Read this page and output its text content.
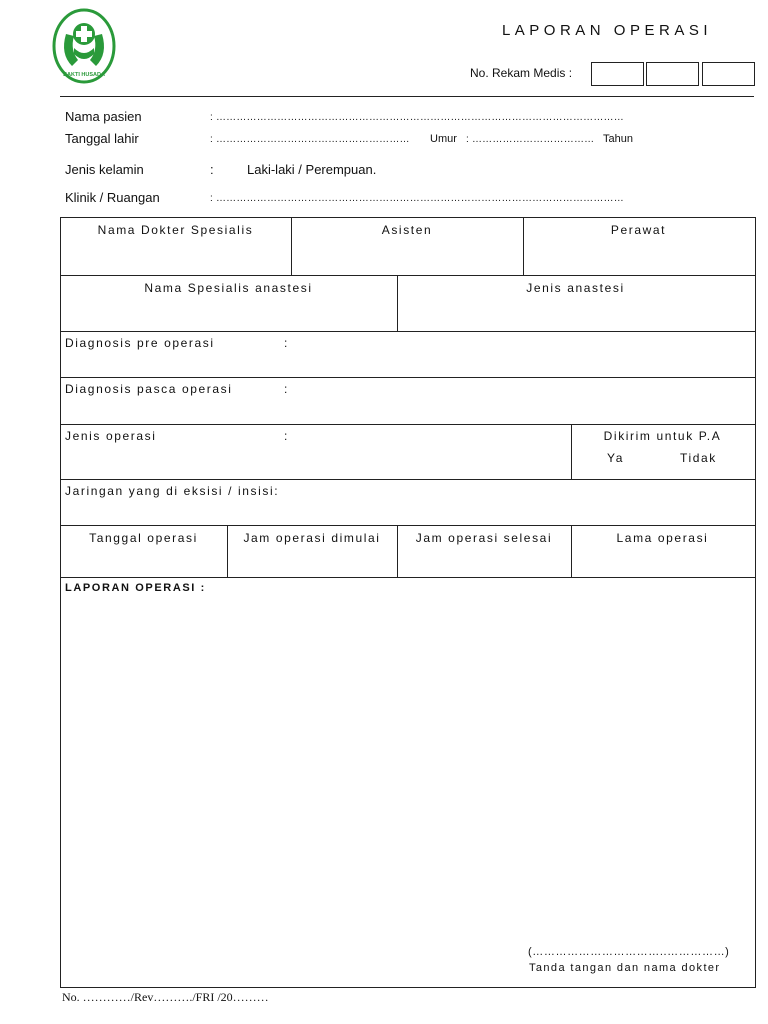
BAKTI HUSADA
LAPORAN OPERASI
No. Rekam Medis :
Nama pasien	: …………………………………………………………………………………………………………
Tanggal lahir	: ………………………………………………… Umur : ……………………………… Tahun
Jenis kelamin	:	Laki-laki / Perempuan.
Klinik / Ruangan	: …………………………………………………………………………………………………………
Nama Dokter Spesialis	Asisten	Perawat
Nama Spesialis anastesi	Jenis anastesi
Diagnosis pre operasi	:
Diagnosis pasca operasi	:
Jenis operasi	:	Dikirim untuk P.A
Ya	Tidak
Jaringan yang di eksisi / insisi:
Tanggal operasi	Jam operasi dimulai	Jam operasi selesai	Lama operasi
LAPORAN OPERASI :
(……………………………..……………)
Tanda tangan dan nama dokter
No. …………/Rev………./FRI /20………
